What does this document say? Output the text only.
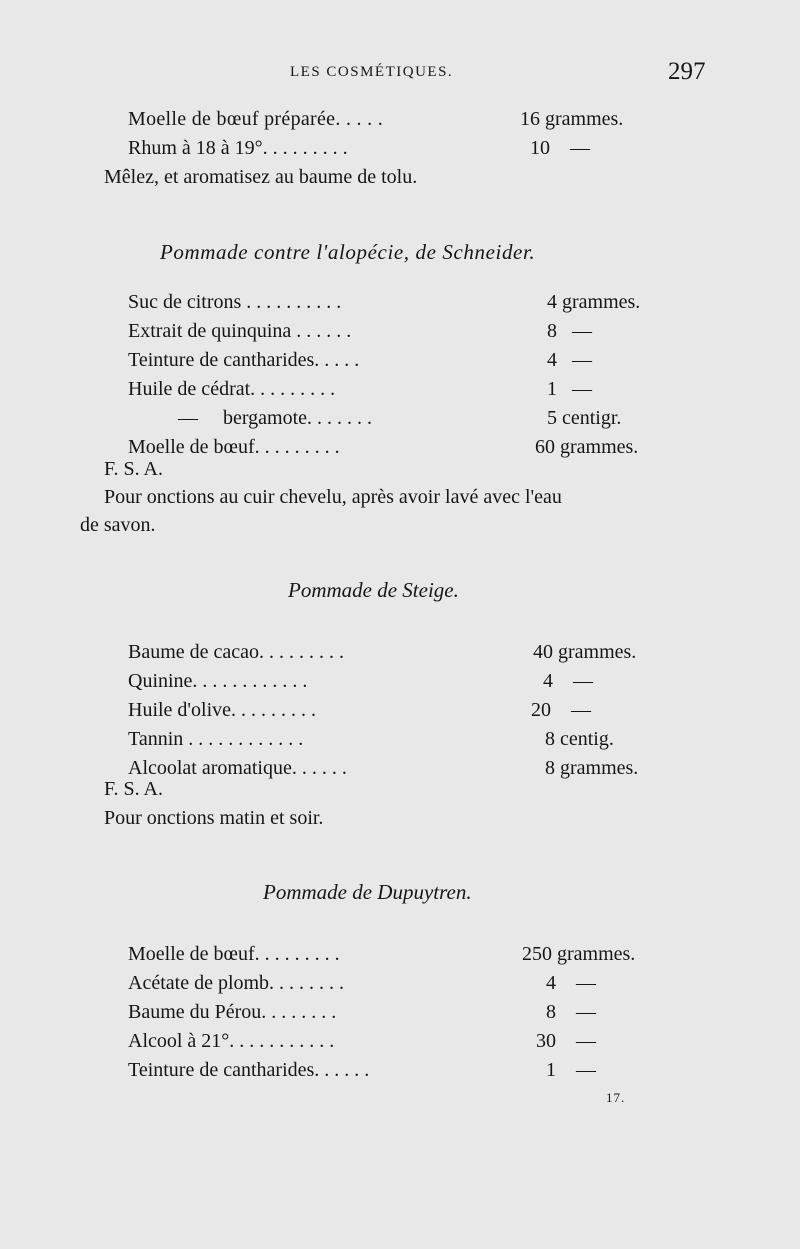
LES COSMÉTIQUES.	297
Moelle de bœuf préparée. . . . .	16 grammes.
Rhum à 18 à 19°. . . . . . . . .	10    —
Mêlez, et aromatisez au baume de tolu.
Pommade contre l'alopécie, de Schneider.
Suc de citrons . . . . . . . . . .	4 grammes.
Extrait de quinquina . . . . . .	8   —
Teinture de cantharides. . . . .	4   —
Huile de cédrat. . . . . . . . .	1   —
—     bergamote. . . . . . .	5 centigr.
Moelle de bœuf. . . . . . . . .	60 grammes.
F. S. A.
Pour onctions au cuir chevelu, après avoir lavé avec l'eau
de savon.
Pommade de Steige.
Baume de cacao. . . . . . . . .	40 grammes.
Quinine. . . . . . . . . . . .	4    —
Huile d'olive. . . . . . . . .	20    —
Tannin . . . . . . . . . . . .	8 centig.
Alcoolat aromatique. . . . . .	8 grammes.
F. S. A.
Pour onctions matin et soir.
Pommade de Dupuytren.
Moelle de bœuf. . . . . . . . .	250 grammes.
Acétate de plomb. . . . . . . .	4    —
Baume du Pérou. . . . . . . .	8    —
Alcool à 21°. . . . . . . . . . .	30    —
Teinture de cantharides. . . . . .	1    —
17.
